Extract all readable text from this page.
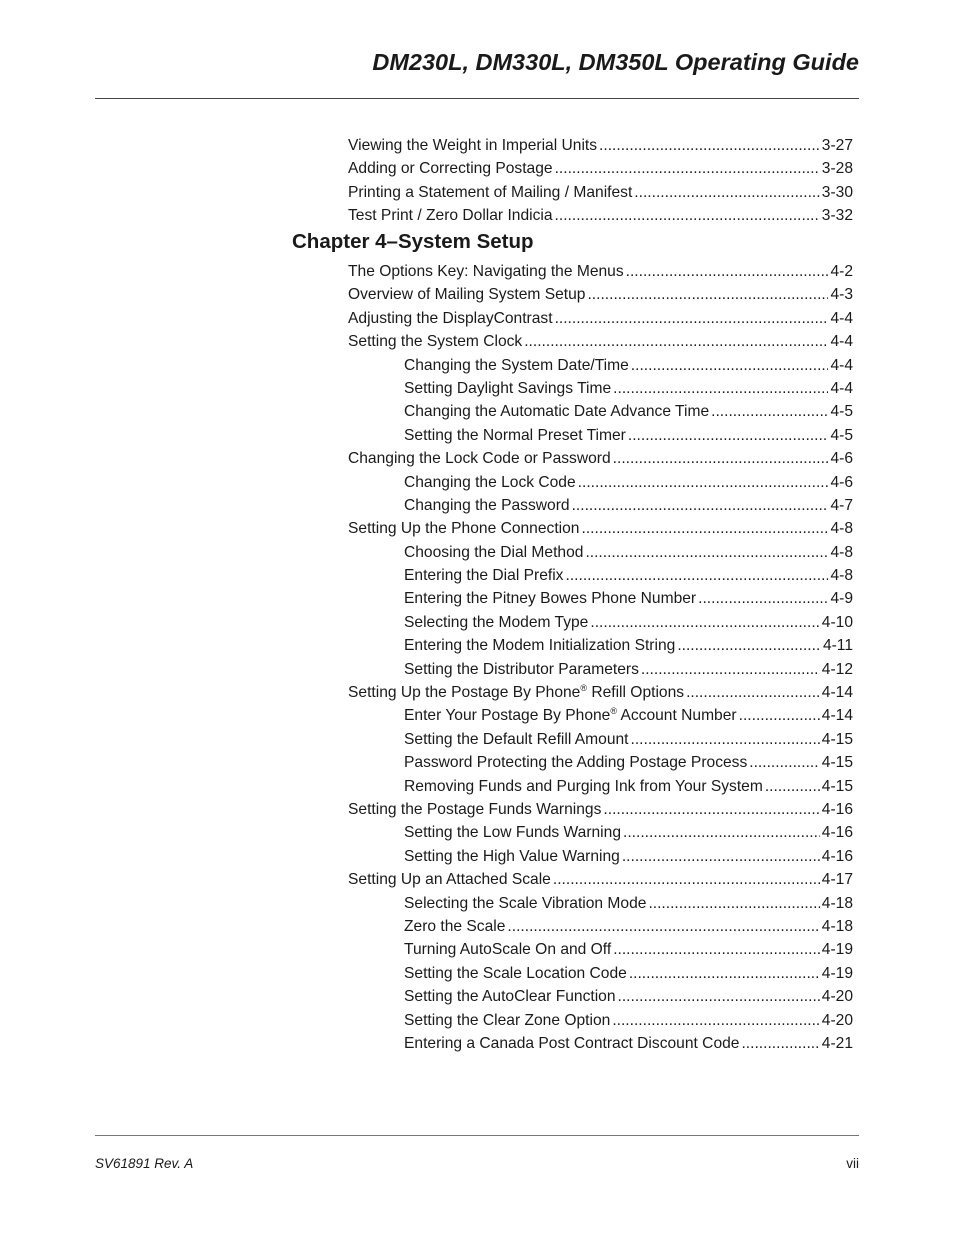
DM230L, DM330L, DM350L Operating Guide
Viewing the Weight in Imperial Units .....	3-27
Adding or Correcting Postage .....	3-28
Printing a Statement of Mailing / Manifest .....	3-30
Test Print / Zero Dollar Indicia .....	3-32
Chapter 4–System Setup
The Options Key: Navigating the Menus .....	4-2
Overview of Mailing System Setup .....	4-3
Adjusting the DisplayContrast .....	4-4
Setting the System Clock .....	4-4
Changing the System Date/Time .....	4-4
Setting Daylight Savings Time .....	4-4
Changing the Automatic Date Advance Time .....	4-5
Setting the Normal Preset Timer .....	4-5
Changing the Lock Code or Password .....	4-6
Changing the Lock Code .....	4-6
Changing the Password .....	4-7
Setting Up the Phone Connection .....	4-8
Choosing the Dial Method .....	4-8
Entering the Dial Prefix .....	4-8
Entering the Pitney Bowes Phone Number .....	4-9
Selecting the Modem Type .....	4-10
Entering the Modem Initialization String .....	4-11
Setting the Distributor Parameters .....	4-12
Setting Up the Postage By Phone® Refill Options .....	4-14
Enter Your Postage By Phone® Account Number .....	4-14
Setting the Default Refill Amount .....	4-15
Password Protecting the Adding Postage Process .....	4-15
Removing Funds and Purging Ink from Your System .....	4-15
Setting the Postage Funds Warnings .....	4-16
Setting the Low Funds Warning .....	4-16
Setting the High Value Warning .....	4-16
Setting Up an Attached Scale .....	4-17
Selecting the Scale Vibration Mode .....	4-18
Zero the Scale .....	4-18
Turning AutoScale On and Off .....	4-19
Setting the Scale Location Code .....	4-19
Setting the AutoClear Function .....	4-20
Setting the Clear Zone Option .....	4-20
Entering a Canada Post Contract Discount Code .....	4-21
SV61891 Rev. A	vii
